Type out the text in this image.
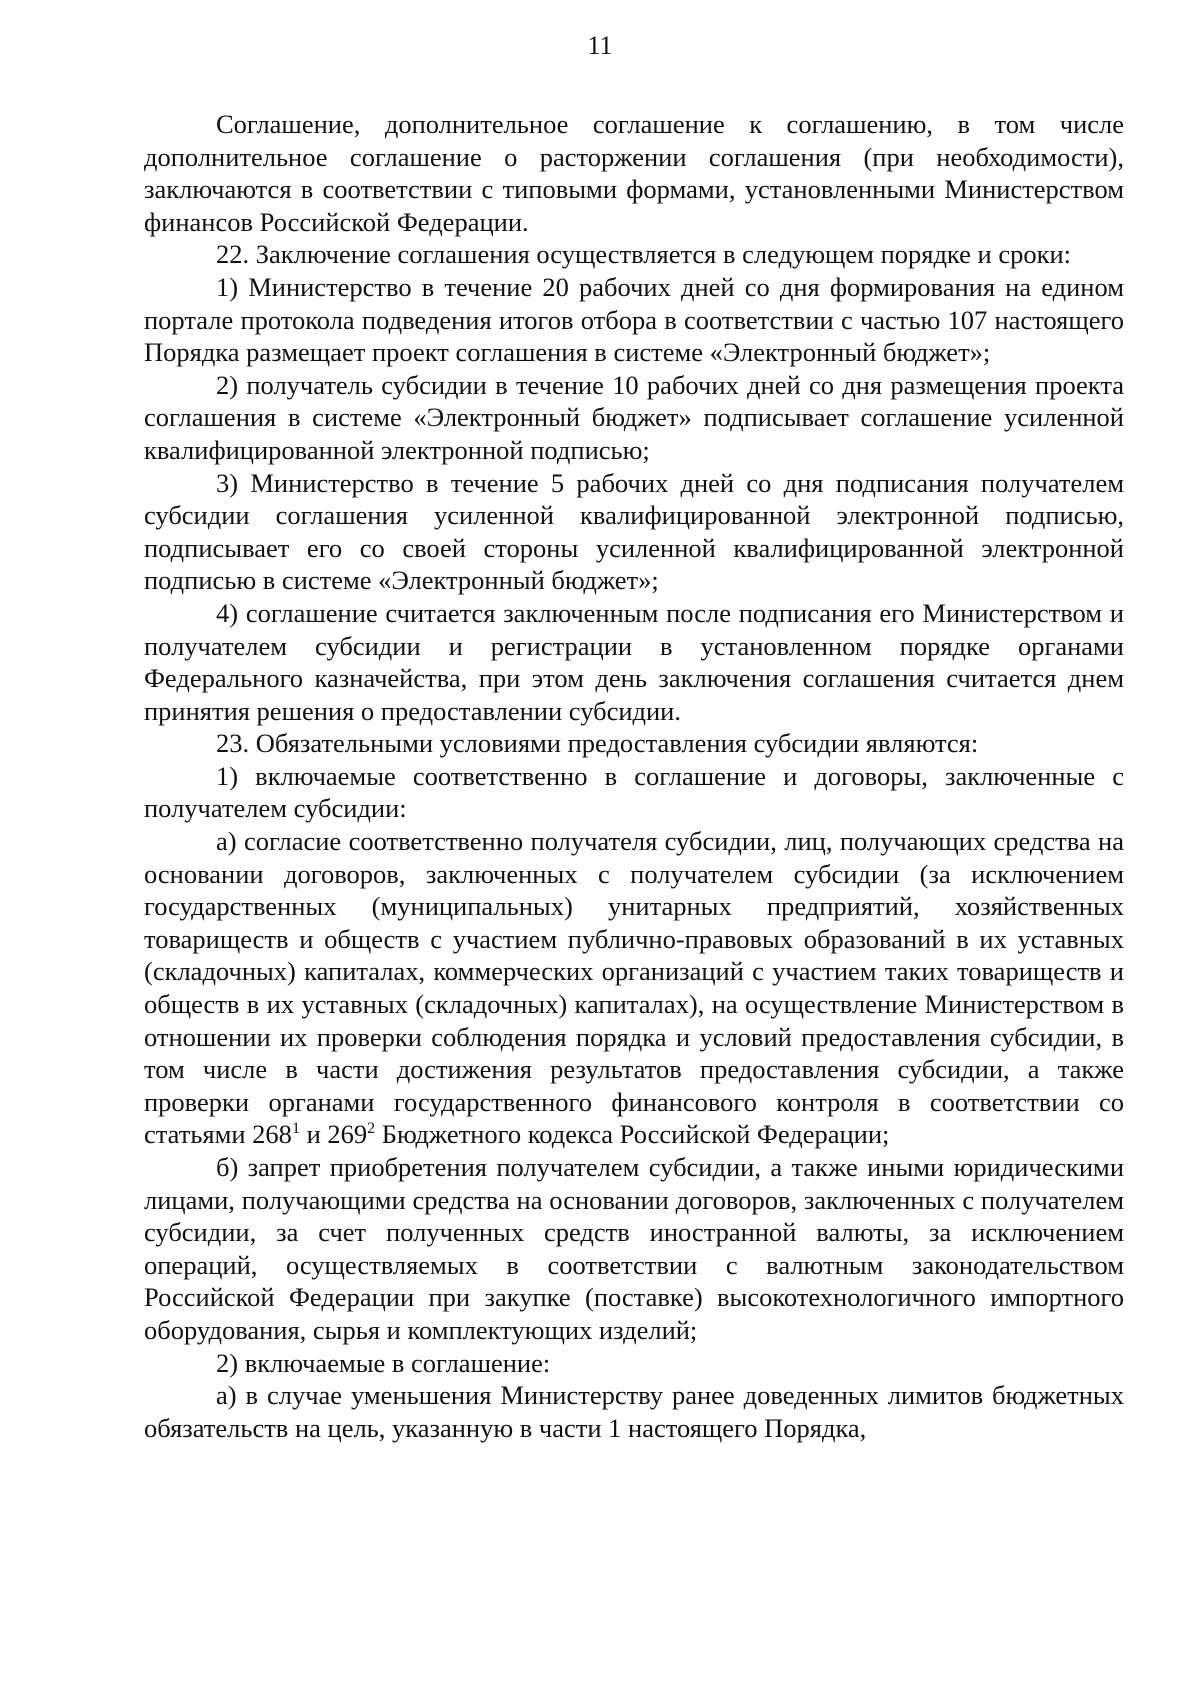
11

Соглашение, дополнительное соглашение к соглашению, в том числе дополнительное соглашение о расторжении соглашения (при необходимости), заключаются в соответствии с типовыми формами, установленными Министерством финансов Российской Федерации.

22. Заключение соглашения осуществляется в следующем порядке и сроки:

1) Министерство в течение 20 рабочих дней со дня формирования на едином портале протокола подведения итогов отбора в соответствии с частью 107 настоящего Порядка размещает проект соглашения в системе «Электронный бюджет»;

2) получатель субсидии в течение 10 рабочих дней со дня размещения проекта соглашения в системе «Электронный бюджет» подписывает соглашение усиленной квалифицированной электронной подписью;

3) Министерство в течение 5 рабочих дней со дня подписания получателем субсидии соглашения усиленной квалифицированной электронной подписью, подписывает его со своей стороны усиленной квалифицированной электронной подписью в системе «Электронный бюджет»;

4) соглашение считается заключенным после подписания его Министерством и получателем субсидии и регистрации в установленном порядке органами Федерального казначейства, при этом день заключения соглашения считается днем принятия решения о предоставлении субсидии.

23. Обязательными условиями предоставления субсидии являются:

1) включаемые соответственно в соглашение и договоры, заключенные с получателем субсидии:

а) согласие соответственно получателя субсидии, лиц, получающих средства на основании договоров, заключенных с получателем субсидии (за исключением государственных (муниципальных) унитарных предприятий, хозяйственных товариществ и обществ с участием публично-правовых образований в их уставных (складочных) капиталах, коммерческих организаций с участием таких товариществ и обществ в их уставных (складочных) капиталах), на осуществление Министерством в отношении их проверки соблюдения порядка и условий предоставления субсидии, в том числе в части достижения результатов предоставления субсидии, а также проверки органами государственного финансового контроля в соответствии со статьями $268^1$ и $269^2$ Бюджетного кодекса Российской Федерации;

б) запрет приобретения получателем субсидии, а также иными юридическими лицами, получающими средства на основании договоров, заключенных с получателем субсидии, за счет полученных средств иностранной валюты, за исключением операций, осуществляемых в соответствии с валютным законодательством Российской Федерации при закупке (поставке) высокотехнологичного импортного оборудования, сырья и комплектующих изделий;

2) включаемые в соглашение:

а) в случае уменьшения Министерству ранее доведенных лимитов бюджетных обязательств на цель, указанную в части 1 настоящего Порядка,
